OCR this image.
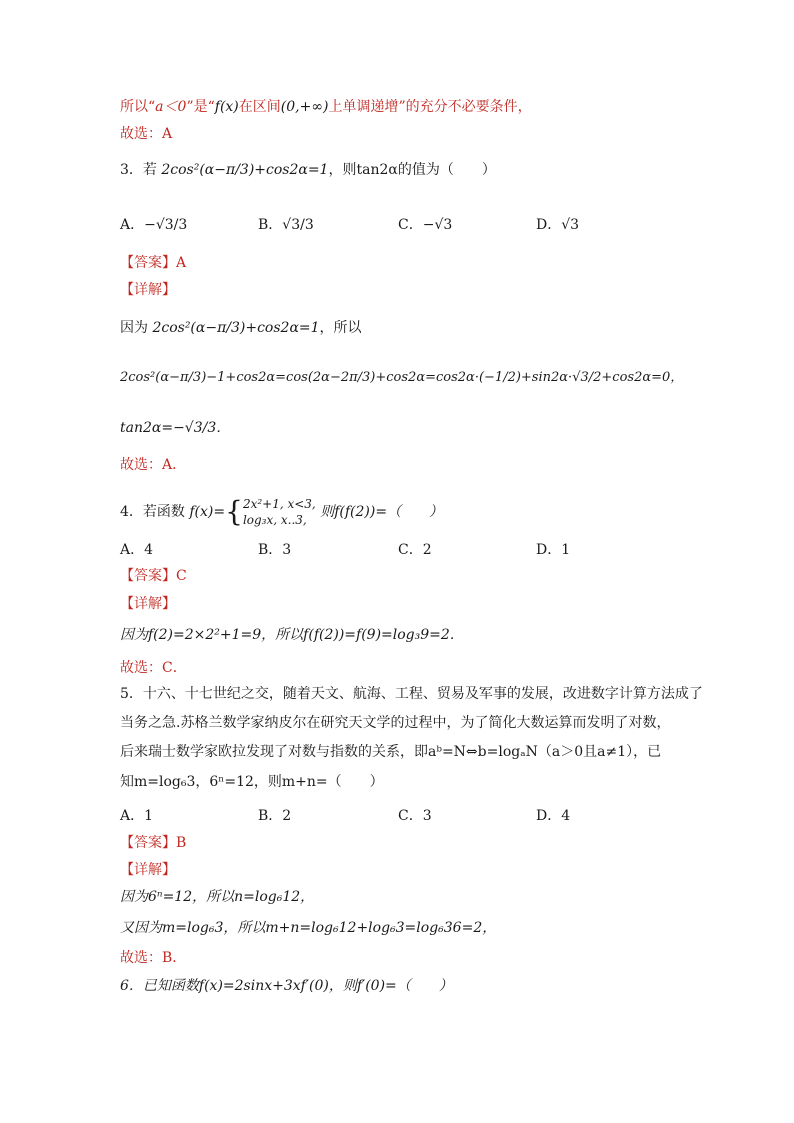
所以“a＜0”是“f(x)在区间(0,+∞)上单调递增”的充分不必要条件，
故选：A
3．若 2cos²(α−π/3)+cos2α=1，则tan2α的值为（　　）
A．−√3/3	B．√3/3	C．−√3	D．√3
【答案】A
【详解】
因为 2cos²(α−π/3)+cos2α=1，所以
2cos²(α−π/3)−1+cos2α=cos(2α−2π/3)+cos2α=cos2α·(−1/2)+sin2α·√3/2+cos2α=0，
tan2α=−√3/3．
故选：A．
4．若函数 f(x)={ 2x²+1, x<3,
log₃x, x..3, 则f(f(2))=（　　）
A．4	B．3	C．2	D．1
【答案】C
【详解】
因为f(2)=2×2²+1=9，所以f(f(2))=f(9)=log₃9=2．
故选：C．
5．十六、十七世纪之交，随着天文、航海、工程、贸易及军事的发展，改进数字计算方法成了
当务之急.苏格兰数学家纳皮尔在研究天文学的过程中，为了简化大数运算而发明了对数，
后来瑞士数学家欧拉发现了对数与指数的关系，即aᵇ=N⇔b=logₐN（a＞0且a≠1），已
知m=log₆3，6ⁿ=12，则m+n=（　　）
A．1	B．2	C．3	D．4
【答案】B
【详解】
因为6ⁿ=12，所以n=log₆12，
又因为m=log₆3，所以m+n=log₆12+log₆3=log₆36=2，
故选：B．
6．已知函数f(x)=2sinx+3xf′(0)，则f′(0)=（　　）
